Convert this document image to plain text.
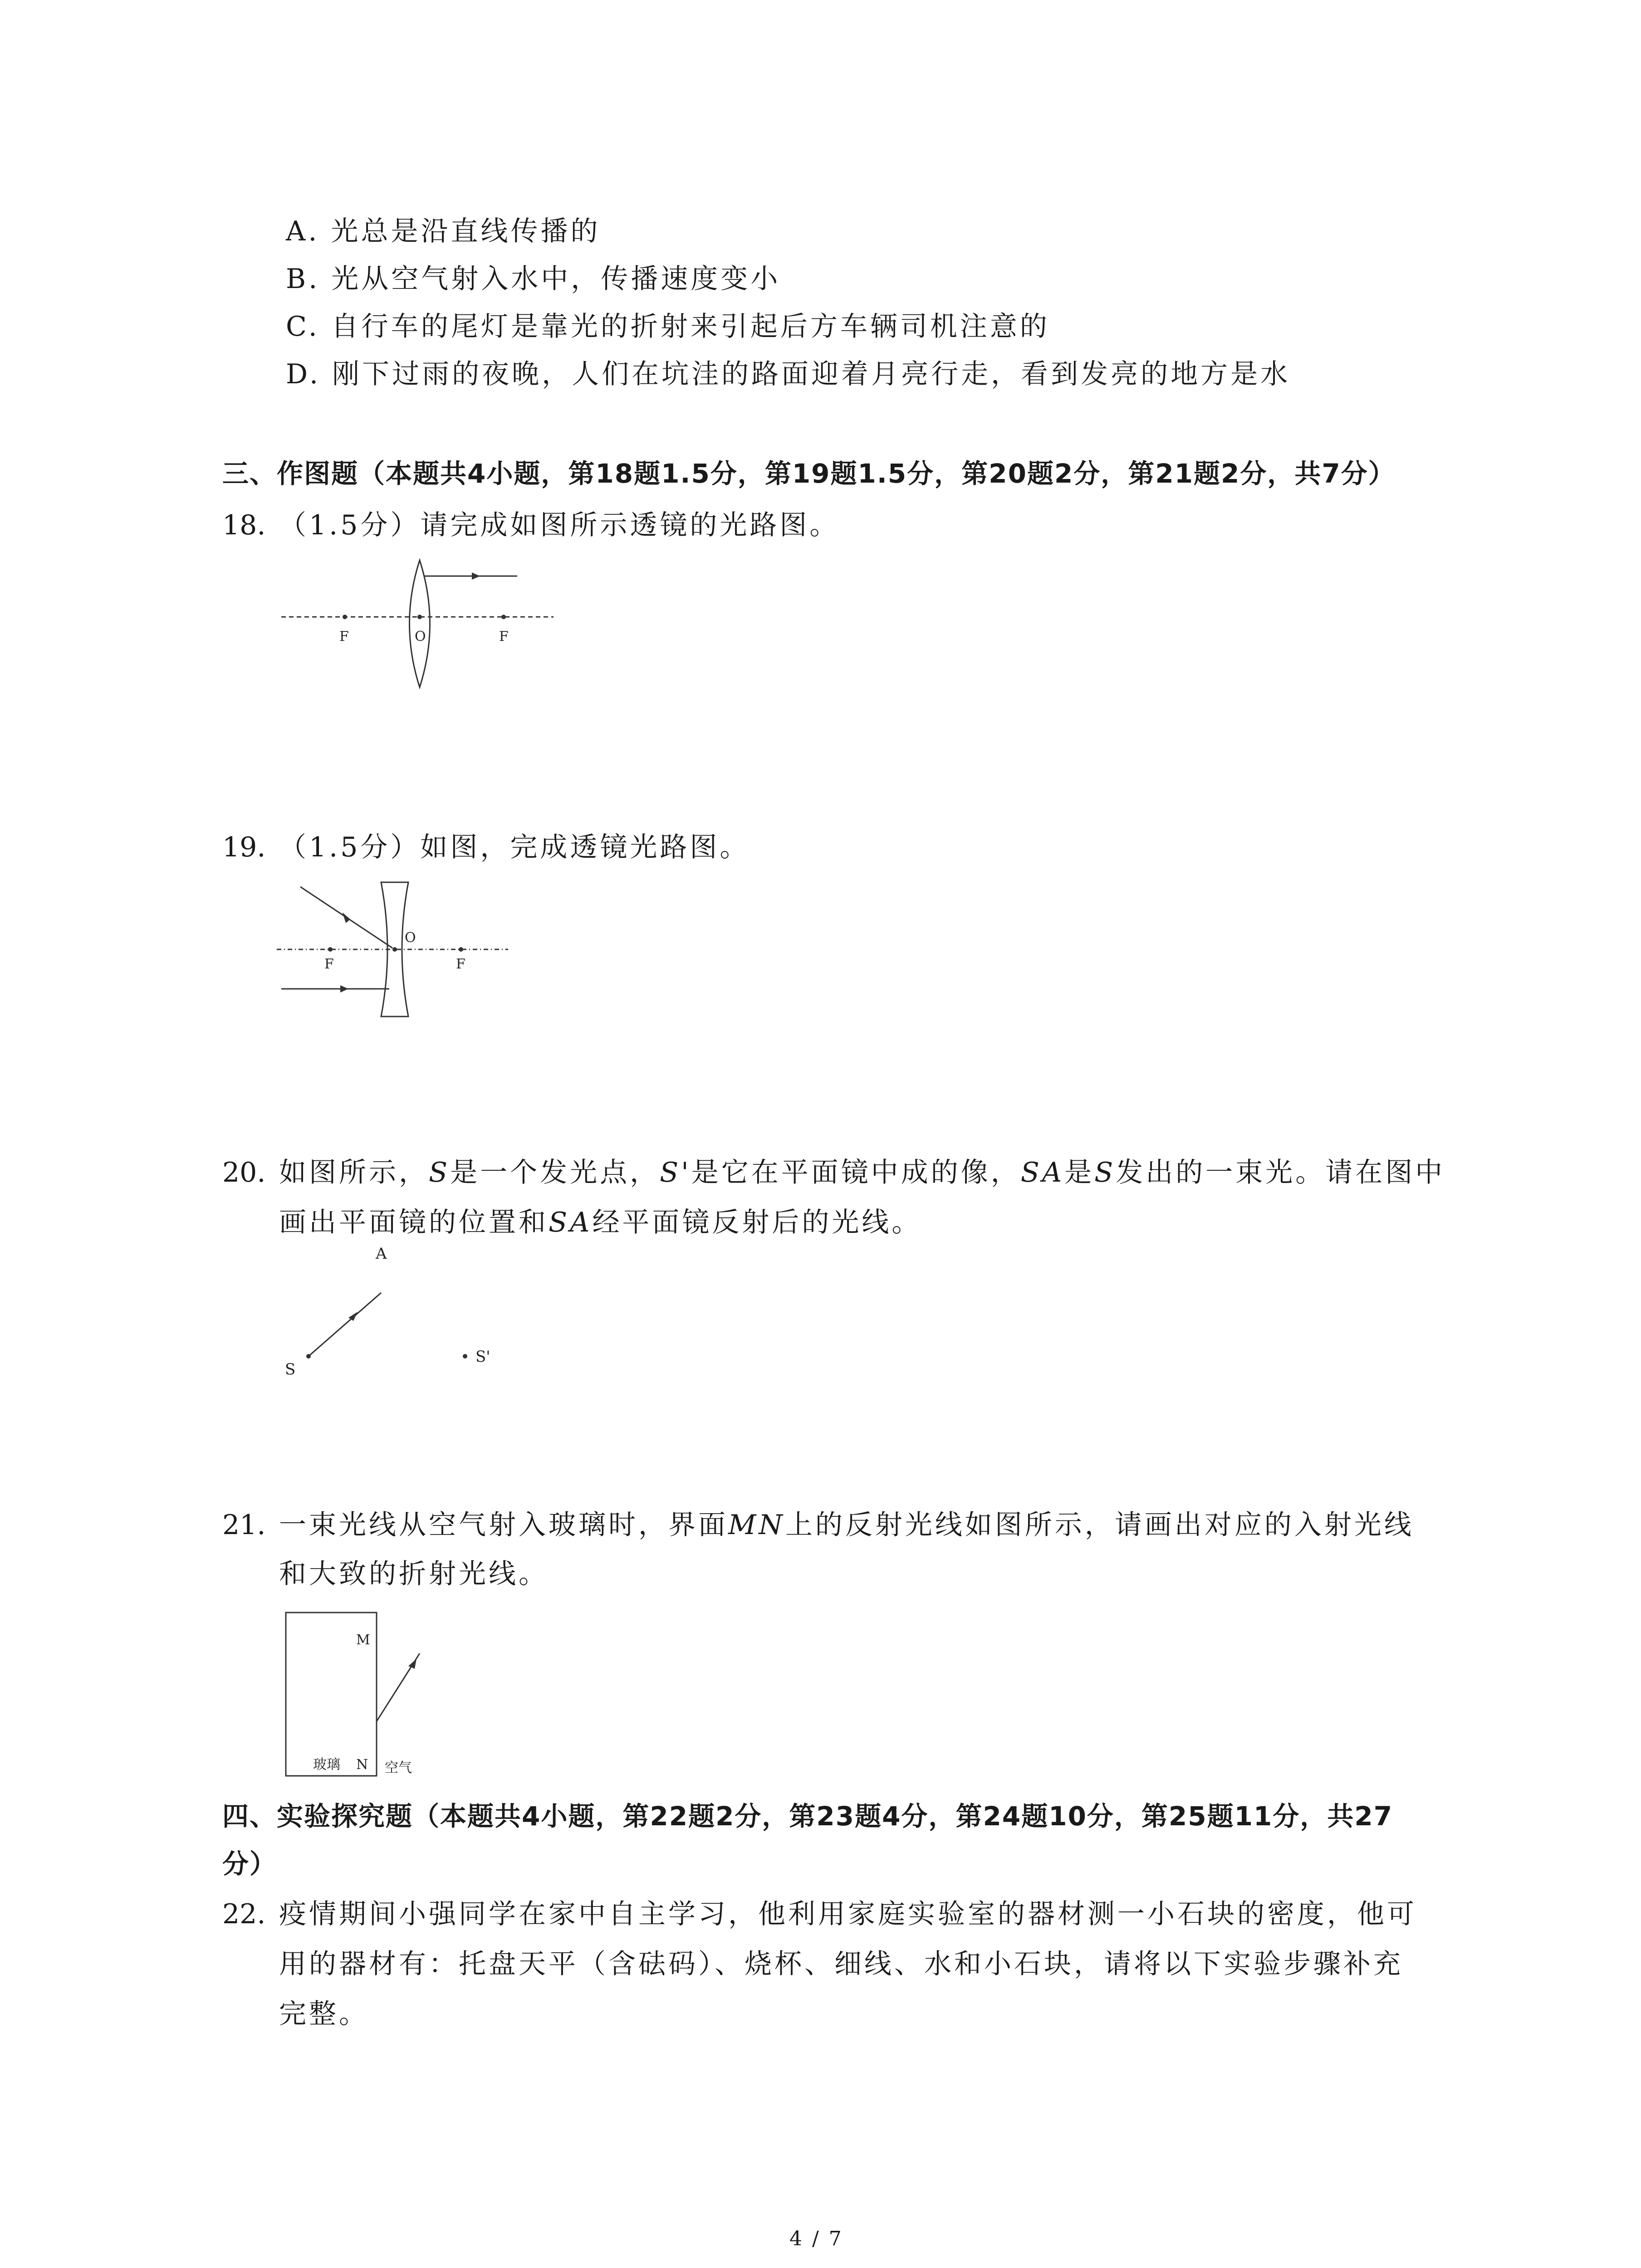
A. 光总是沿直线传播的
B. 光从空气射入水中，传播速度变小
C. 自行车的尾灯是靠光的折射来引起后方车辆司机注意的
D. 刚下过雨的夜晚，人们在坑洼的路面迎着月亮行走，看到发亮的地方是水
三、作图题（本题共4小题，第18题1.5分，第19题1.5分，第20题2分，第21题2分，共7分）
18. （1.5分）请完成如图所示透镜的光路图。
F	O	F
19. （1.5分）如图，完成透镜光路图。
F
O
F
20. 如图所示，S是一个发光点，S'是它在平面镜中成的像，SA是S发出的一束光。请在图中
画出平面镜的位置和SA经平面镜反射后的光线。
A
S
S'
21. 一束光线从空气射入玻璃时，界面MN上的反射光线如图所示，请画出对应的入射光线
和大致的折射光线。
M
玻璃 N 空气
四、实验探究题（本题共4小题，第22题2分，第23题4分，第24题10分，第25题11分，共27
分）
22. 疫情期间小强同学在家中自主学习，他利用家庭实验室的器材测一小石块的密度，他可
用的器材有：托盘天平（含砝码）、烧杯、细线、水和小石块，请将以下实验步骤补充
完整。
4 / 7
